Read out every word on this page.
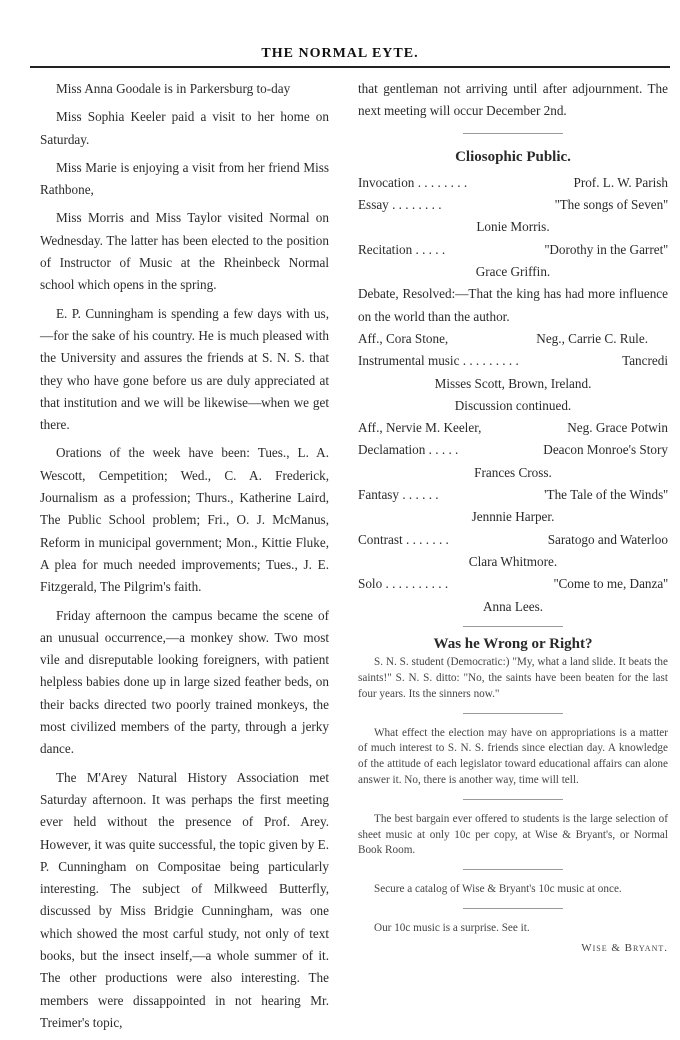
THE NORMAL EYTE.

Miss Anna Goodale is in Parkersburg to-day

Miss Sophia Keeler paid a visit to her home on Saturday.

Miss Marie is enjoying a visit from her friend Miss Rathbone,

Miss Morris and Miss Taylor visited Normal on Wednesday. The latter has been elected to the position of Instructor of Music at the Rheinbeck Normal school which opens in the spring.

E. P. Cunningham is spending a few days with us,—for the sake of his country. He is much pleased with the University and assures the friends at S. N. S. that they who have gone before us are duly appreciated at that institution and we will be likewise—when we get there.

Orations of the week have been: Tues., L. A. Wescott, Cempetition; Wed., C. A. Frederick, Journalism as a profession; Thurs., Katherine Laird, The Public School problem; Fri., O. J. McManus, Reform in municipal government; Mon., Kittie Fluke, A plea for much needed improvements; Tues., J. E. Fitzgerald, The Pilgrim's faith.

Friday afternoon the campus became the scene of an unusual occurrence,—a monkey show. Two most vile and disreputable looking foreigners, with patient helpless babies done up in large sized feather beds, on their backs directed two poorly trained monkeys, the most civilized members of the party, through a jerky dance.

The M'Arey Natural History Association met Saturday afternoon. It was perhaps the first meeting ever held without the presence of Prof. Arey. However, it was quite successful, the topic given by E. P. Cunningham on Compositae being particularly interesting. The subject of Milkweed Butterfly, discussed by Miss Bridgie Cunningham, was one which showed the most carful study, not only of text books, but the insect inself,—a whole summer of it. The other productions were also interesting. The members were dissappointed in not hearing Mr. Treimer's topic,

that gentleman not arriving until after adjournment. The next meeting will occur December 2nd.

Cliosophic Public.
Invocation . . . . . . . .	Prof. L. W. Parish
Essay . . . . . . . .	''The songs of Seven''
Lonie Morris.
Recitation . . . . .	''Dorothy in the Garret''
Grace Griffin.
Debate, Resolved:—That the king has had more influence on the world than the author.
Aff., Cora Stone,	Neg., Carrie C. Rule.
Instrumental music . . . . . . . . .	Tancredi
Misses Scott, Brown, Ireland.
Discussion continued.
Aff., Nervie M. Keeler,	Neg. Grace Potwin
Declamation . . . . .	Deacon Monroe's Story
Frances Cross.
Fantasy . . . . . .	'The Tale of the Winds''
Jennnie Harper.
Contrast . . . . . . .	Saratogo and Waterloo
Clara Whitmore.
Solo . . . . . . . . . .	''Come to me, Danza''
Anna Lees.
Was he Wrong or Right?

S. N. S. student (Democratic:) "My, what a land slide. It beats the saints!" S. N. S. ditto: "No, the saints have been beaten for the last four years. Its the sinners now."

What effect the election may have on appropriations is a matter of much interest to S. N. S. friends since electian day. A knowledge of the attitude of each legislator toward educational affairs can alone answer it. No, there is another way, time will tell.

The best bargain ever offered to students is the large selection of sheet music at only 10c per copy, at Wise & Bryant's, or Normal Book Room.

Secure a catalog of Wise & Bryant's 10c music at once.

Our 10c music is a surprise. See it.

Wise & Bryant.
